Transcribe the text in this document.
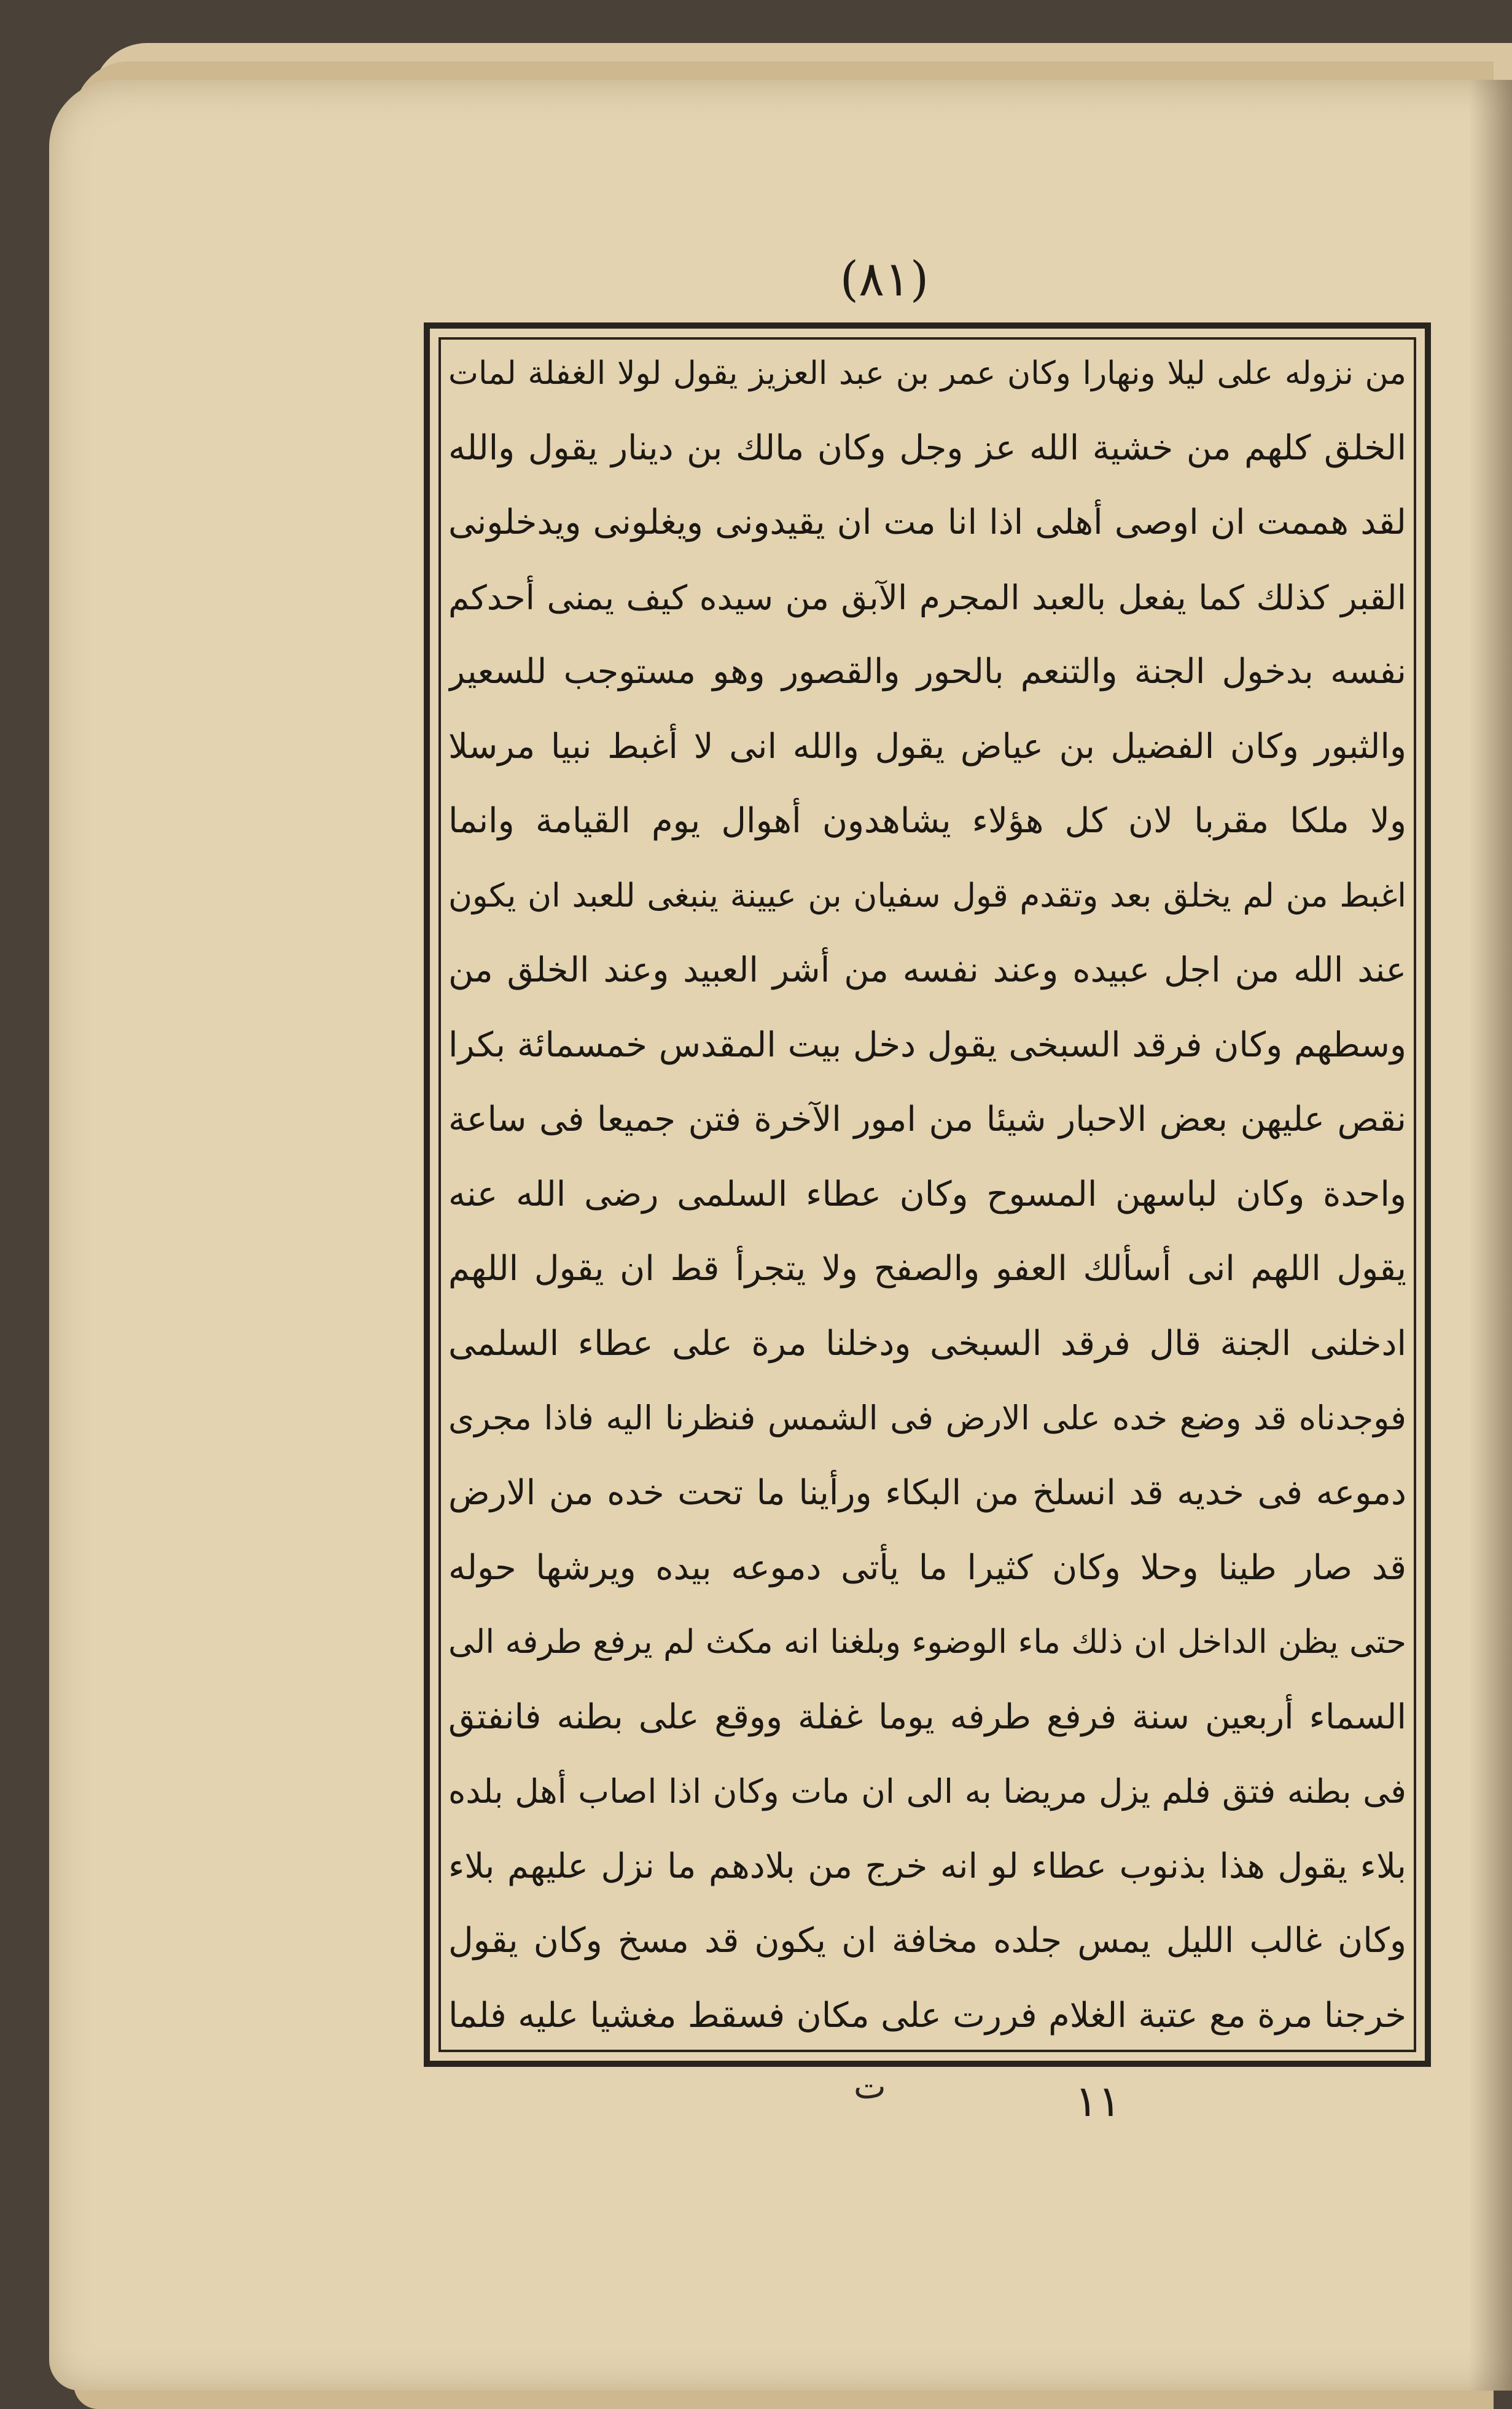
(٨١)
من نزوله على ليلا ونهارا وكان عمر بن عبد العزيز يقول لولا الغفلة لمات
الخلق كلهم من خشية الله عز وجل وكان مالك بن دينار يقول والله
لقد هممت ان اوصى أهلى اذا انا مت ان يقيدونى ويغلونى ويدخلونى
القبر كذلك كما يفعل بالعبد المجرم الآبق من سيده كيف يمنى أحدكم
نفسه بدخول الجنة والتنعم بالحور والقصور وهو مستوجب للسعير
والثبور وكان الفضيل بن عياض يقول والله انى لا أغبط نبيا مرسلا
ولا ملكا مقربا لان كل هؤلاء يشاهدون أهوال يوم القيامة وانما
اغبط من لم يخلق بعد وتقدم قول سفيان بن عيينة ينبغى للعبد ان يكون
عند الله من اجل عبيده وعند نفسه من أشر العبيد وعند الخلق من
وسطهم وكان فرقد السبخى يقول دخل بيت المقدس خمسمائة بكرا
نقص عليهن بعض الاحبار شيئا من امور الآخرة فتن جميعا فى ساعة
واحدة وكان لباسهن المسوح وكان عطاء السلمى رضى الله عنه
يقول اللهم انى أسألك العفو والصفح ولا يتجرأ قط ان يقول اللهم
ادخلنى الجنة قال فرقد السبخى ودخلنا مرة على عطاء السلمى
فوجدناه قد وضع خده على الارض فى الشمس فنظرنا اليه فاذا مجرى
دموعه فى خديه قد انسلخ من البكاء ورأينا ما تحت خده من الارض
قد صار طينا وحلا وكان كثيرا ما يأتى دموعه بيده ويرشها حوله
حتى يظن الداخل ان ذلك ماء الوضوء وبلغنا انه مكث لم يرفع طرفه الى
السماء أربعين سنة فرفع طرفه يوما غفلة ووقع على بطنه فانفتق
فى بطنه فتق فلم يزل مريضا به الى ان مات وكان اذا اصاب أهل بلده
بلاء يقول هذا بذنوب عطاء لو انه خرج من بلادهم ما نزل عليهم بلاء
وكان غالب الليل يمس جلده مخافة ان يكون قد مسخ وكان يقول
خرجنا مرة مع عتبة الغلام فررت على مكان فسقط مغشيا عليه فلما
ت	١١
